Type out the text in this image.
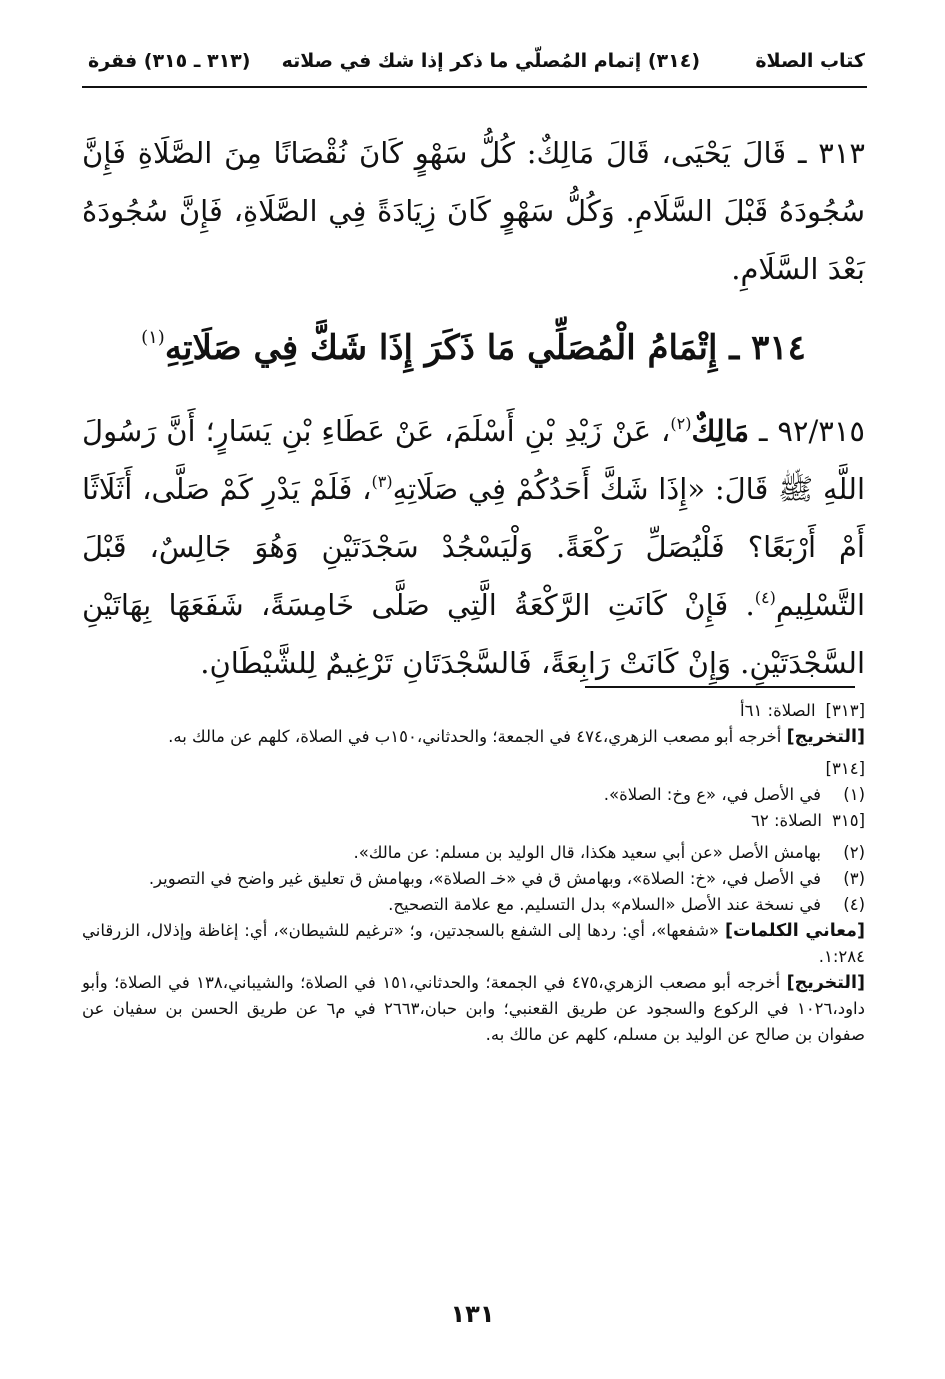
كتاب الصلاة
(٣١٤) إتمام المُصلّي ما ذكر إذا شك في صلاته
(٣١٣ ـ ٣١٥) فقرة

٣١٣ ـ قَالَ يَحْيَى، قَالَ مَالِكٌ: كُلُّ سَهْوٍ كَانَ نُقْصَانًا مِنَ الصَّلَاةِ فَإِنَّ سُجُودَهُ قَبْلَ السَّلَامِ. وَكُلُّ سَهْوٍ كَانَ زِيَادَةً فِي الصَّلَاةِ، فَإِنَّ سُجُودَهُ بَعْدَ السَّلَامِ.

٣١٤ ـ إِتْمَامُ الْمُصَلِّي مَا ذَكَرَ إِذَا شَكَّ فِي صَلَاتِهِ$^{(١)}$

٩٢/٣١٥ ـ مَالِكٌ$^{(٢)}$، عَنْ زَيْدِ بْنِ أَسْلَمَ، عَنْ عَطَاءِ بْنِ يَسَارٍ؛ أَنَّ رَسُولَ اللَّهِ ﷺ قَالَ: «إِذَا شَكَّ أَحَدُكُمْ فِي صَلَاتِهِ$^{(٣)}$، فَلَمْ يَدْرِ كَمْ صَلَّى، أَثَلَاثًا أَمْ أَرْبَعًا؟ فَلْيُصَلِّ رَكْعَةً. وَلْيَسْجُدْ سَجْدَتَيْنِ وَهُوَ جَالِسٌ، قَبْلَ التَّسْلِيمِ$^{(٤)}$. فَإِنْ كَانَتِ الرَّكْعَةُ الَّتِي صَلَّى خَامِسَةً، شَفَعَهَا بِهَاتَيْنِ السَّجْدَتَيْنِ. وَإِنْ كَانَتْ رَابِعَةً، فَالسَّجْدَتَانِ تَرْغِيمٌ لِلشَّيْطَانِ.

[٣١٣]الصلاة: ٦١أ
[التخريج] أخرجه أبو مصعب الزهري،٤٧٤ في الجمعة؛ والحدثاني،١٥٠ب في الصلاة، كلهم عن مالك به.
[٣١٤]
(١)
في الأصل في، «ع وخ: الصلاة».
[٣١٥الصلاة: ٦٢
(٢)
بهامش الأصل «عن أبي سعيد هكذا، قال الوليد بن مسلم: عن مالك».
(٣)
في الأصل في، «خ: الصلاة»، وبهامش ق في «خـ الصلاة»، وبهامش ق تعليق غير واضح في التصوير.
(٤)
في نسخة عند الأصل «السلام» بدل التسليم. مع علامة التصحيح.
[معاني الكلمات] «شفعها»، أي: ردها إلى الشفع بالسجدتين، و؛ «ترغيم للشيطان»، أي: إغاظة وإذلال، الزرقاني ١:٢٨٤.
[التخريج] أخرجه أبو مصعب الزهري،٤٧٥ في الجمعة؛ والحدثاني،١٥١ في الصلاة؛ والشيباني،١٣٨ في الصلاة؛ وأبو داود،١٠٢٦ في الركوع والسجود عن طريق القعنبي؛ وابن حبان،٢٦٦٣ في م٦ عن طريق الحسن بن سفيان عن صفوان بن صالح عن الوليد بن مسلم، كلهم عن مالك به.
١٣١
